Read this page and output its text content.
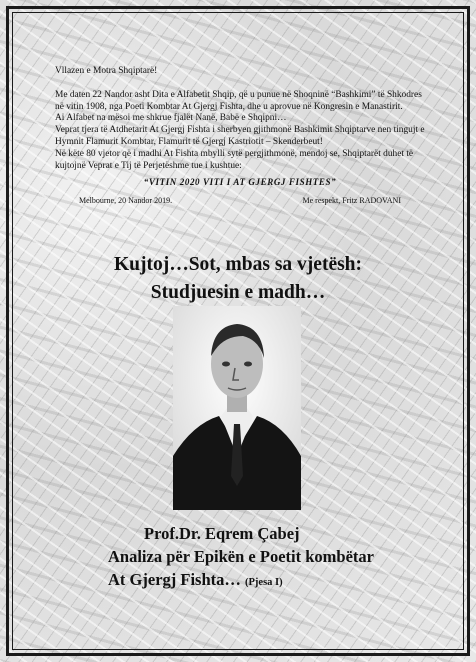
Vllazen e Motra Shqiptarë!

Me daten 22 Nandor asht Dita e Alfabetit Shqip, që u punue në Shoqninë “Bashkimi” të Shkodres në vitin 1908, nga Poeti Kombtar At Gjergj Fishta, dhe u aprovue në Kongresin e Manastirit.

Ai Alfabet na mësoi me shkrue fjalët Nanë, Babë e Shqipni…

Veprat tjera të Atdhetarit At Gjergj Fishta i sherbyen gjithmonë Bashkimit Shqiptarve nen tingujt e Hymnit Flamurit Kombtar, Flamurit të Gjergj Kastriotit – Skenderbeut!

Në këte 80 vjetor që i madhi At Fishta mbylli sytë pergjithmonë, mendoj se, Shqiptarët duhet të kujtojnë Veprat e Tij të Perjetëshme tue i kushtue:

“VITIN 2020 VITI I AT GJERGJ FISHTES”
Melbourne, 20 Nandor 2019.	Me respekt, Fritz RADOVANI
Kujtoj…Sot, mbas sa vjetësh:
Studjuesin e madh…
Prof.Dr. Eqrem Çabej
Analiza për Epikën e Poetit kombëtar
At Gjergj Fishta… (Pjesa I)
